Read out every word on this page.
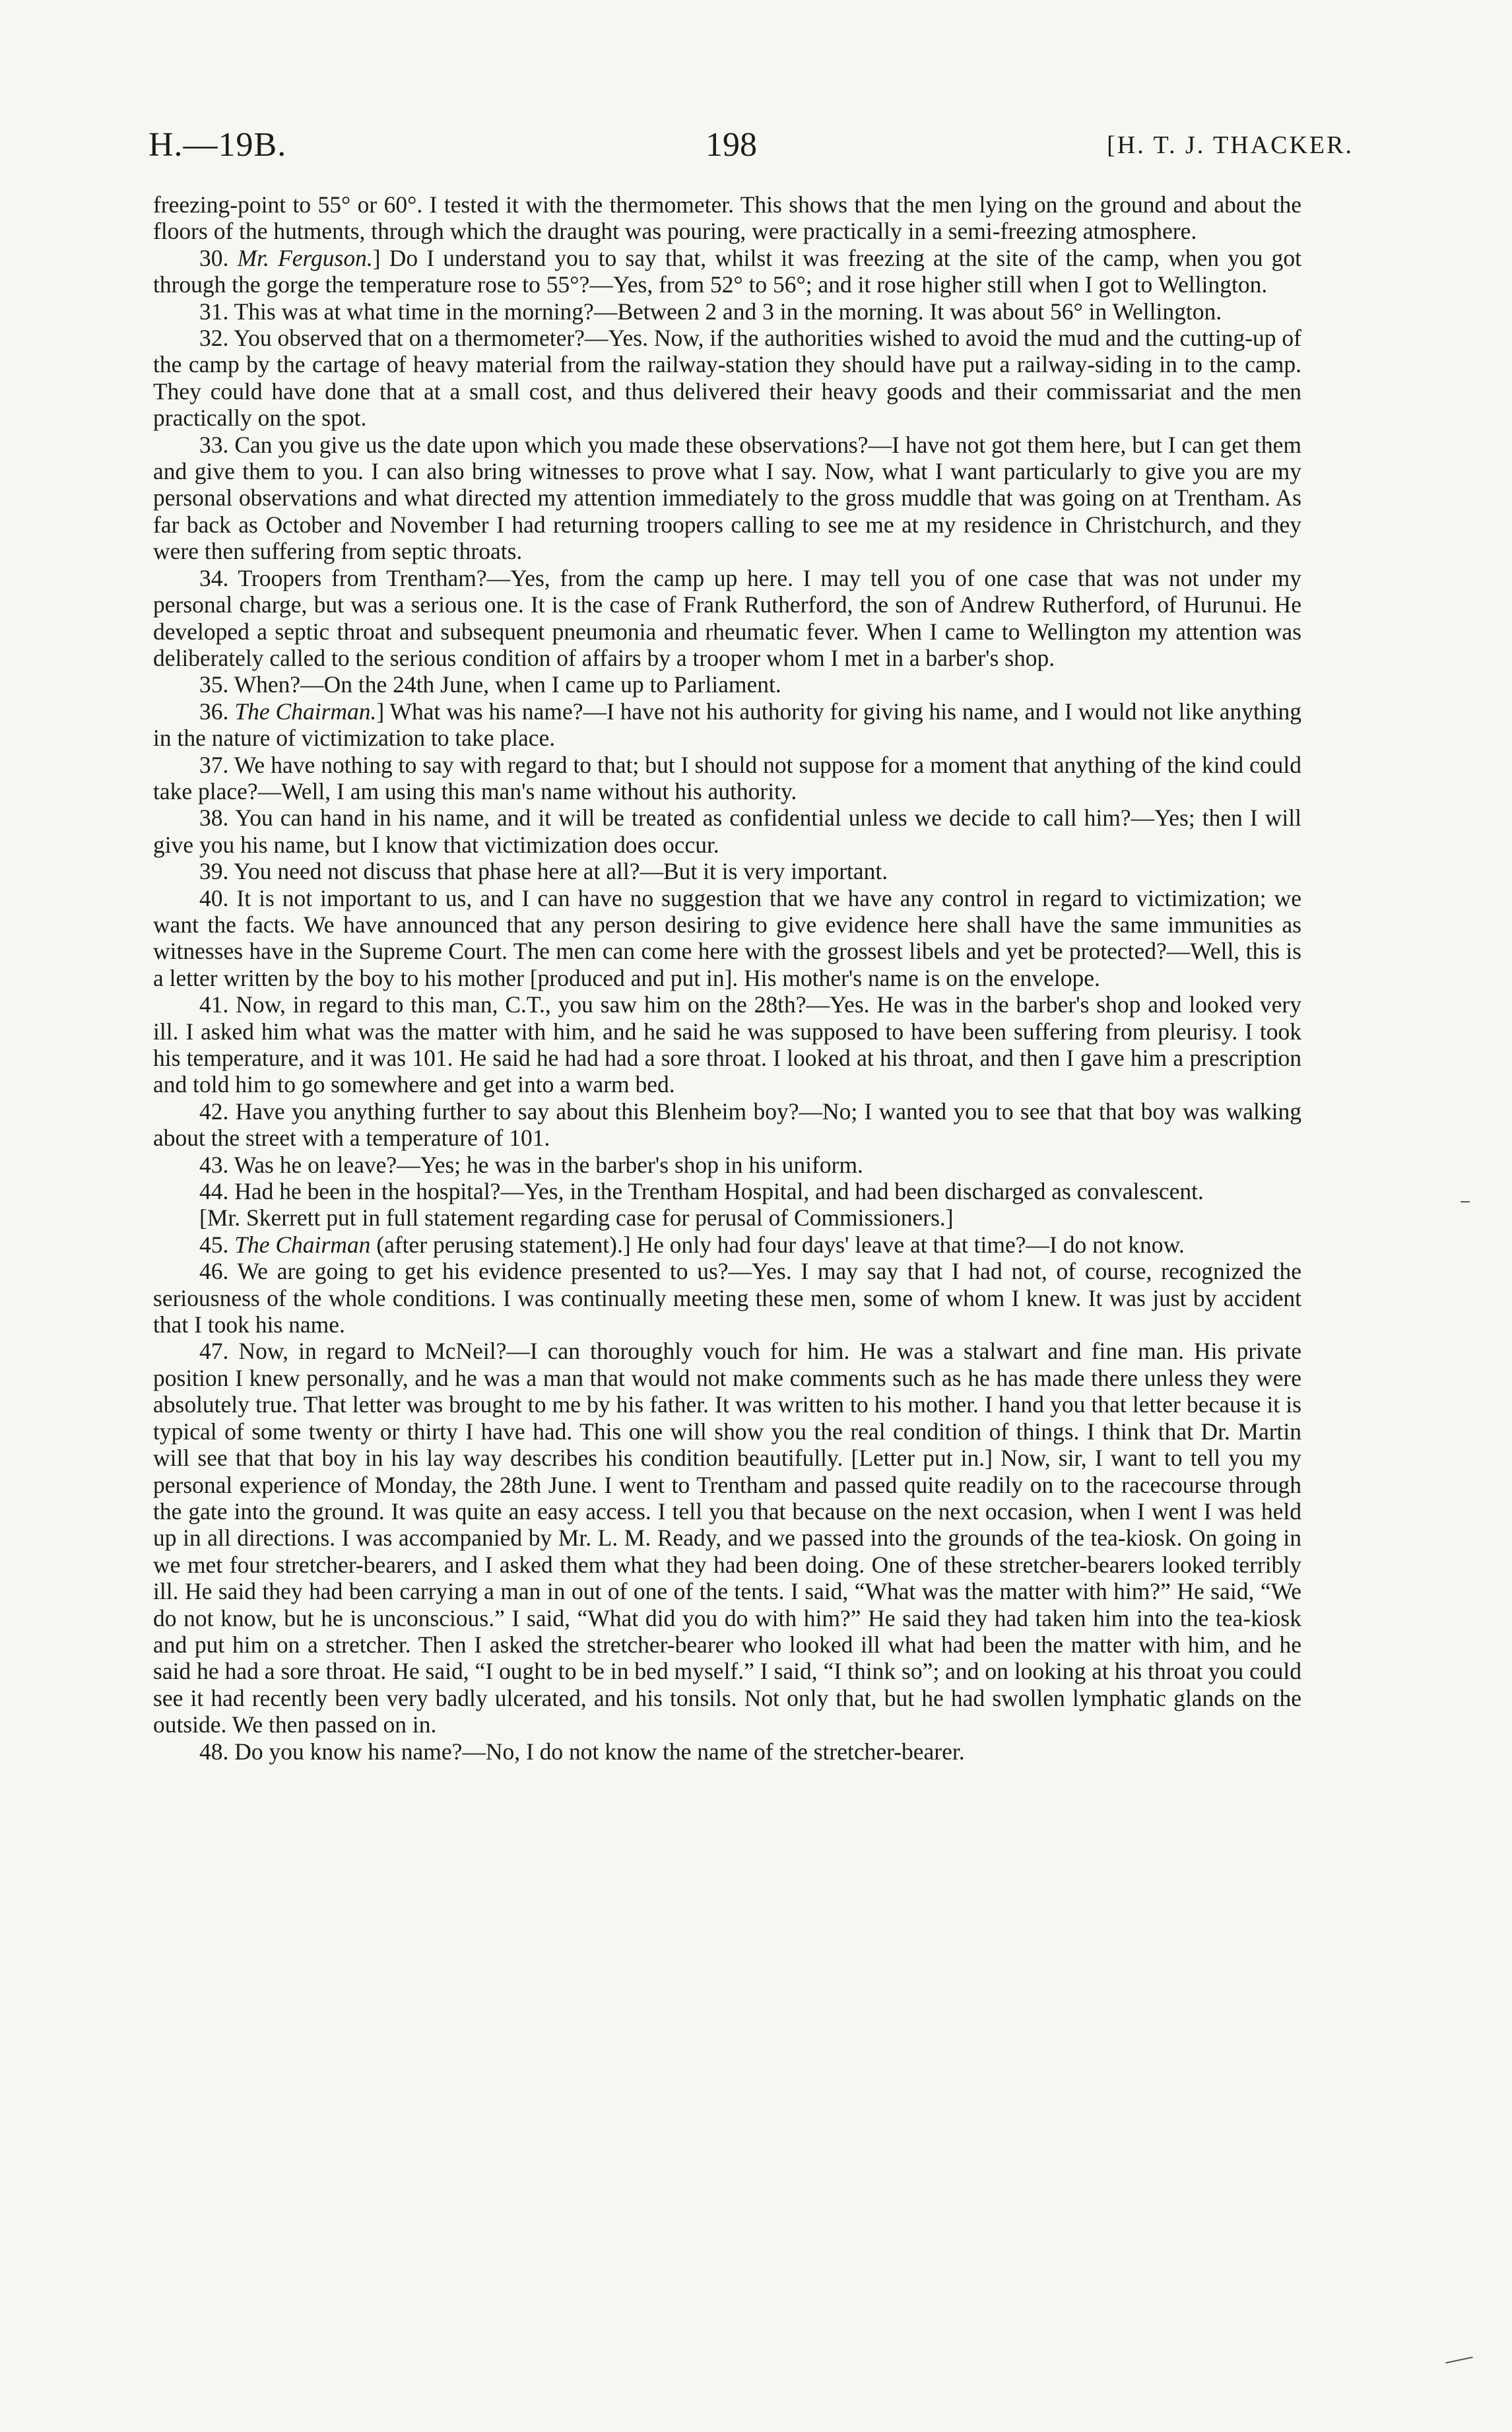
H.—19B.	198	[H. T. J. THACKER.

freezing-point to 55° or 60°. I tested it with the thermometer. This shows that the men lying on the ground and about the floors of the hutments, through which the draught was pouring, were practically in a semi-freezing atmosphere.

30. Mr. Ferguson.] Do I understand you to say that, whilst it was freezing at the site of the camp, when you got through the gorge the temperature rose to 55°?—Yes, from 52° to 56°; and it rose higher still when I got to Wellington.

31. This was at what time in the morning?—Between 2 and 3 in the morning. It was about 56° in Wellington.

32. You observed that on a thermometer?—Yes. Now, if the authorities wished to avoid the mud and the cutting-up of the camp by the cartage of heavy material from the railway-station they should have put a railway-siding in to the camp. They could have done that at a small cost, and thus delivered their heavy goods and their commissariat and the men practically on the spot.

33. Can you give us the date upon which you made these observations?—I have not got them here, but I can get them and give them to you. I can also bring witnesses to prove what I say. Now, what I want particularly to give you are my personal observations and what directed my attention immediately to the gross muddle that was going on at Trentham. As far back as October and November I had returning troopers calling to see me at my residence in Christchurch, and they were then suffering from septic throats.

34. Troopers from Trentham?—Yes, from the camp up here. I may tell you of one case that was not under my personal charge, but was a serious one. It is the case of Frank Rutherford, the son of Andrew Rutherford, of Hurunui. He developed a septic throat and subsequent pneumonia and rheumatic fever. When I came to Wellington my attention was deliberately called to the serious condition of affairs by a trooper whom I met in a barber's shop.

35. When?—On the 24th June, when I came up to Parliament.

36. The Chairman.] What was his name?—I have not his authority for giving his name, and I would not like anything in the nature of victimization to take place.

37. We have nothing to say with regard to that; but I should not suppose for a moment that anything of the kind could take place?—Well, I am using this man's name without his authority.

38. You can hand in his name, and it will be treated as confidential unless we decide to call him?—Yes; then I will give you his name, but I know that victimization does occur.

39. You need not discuss that phase here at all?—But it is very important.

40. It is not important to us, and I can have no suggestion that we have any control in regard to victimization; we want the facts. We have announced that any person desiring to give evidence here shall have the same immunities as witnesses have in the Supreme Court. The men can come here with the grossest libels and yet be protected?—Well, this is a letter written by the boy to his mother [produced and put in]. His mother's name is on the envelope.

41. Now, in regard to this man, C.T., you saw him on the 28th?—Yes. He was in the barber's shop and looked very ill. I asked him what was the matter with him, and he said he was supposed to have been suffering from pleurisy. I took his temperature, and it was 101. He said he had had a sore throat. I looked at his throat, and then I gave him a prescription and told him to go somewhere and get into a warm bed.

42. Have you anything further to say about this Blenheim boy?—No; I wanted you to see that that boy was walking about the street with a temperature of 101.

43. Was he on leave?—Yes; he was in the barber's shop in his uniform.

44. Had he been in the hospital?—Yes, in the Trentham Hospital, and had been discharged as convalescent.

[Mr. Skerrett put in full statement regarding case for perusal of Commissioners.]

45. The Chairman (after perusing statement).] He only had four days' leave at that time?—I do not know.

46. We are going to get his evidence presented to us?—Yes. I may say that I had not, of course, recognized the seriousness of the whole conditions. I was continually meeting these men, some of whom I knew. It was just by accident that I took his name.

47. Now, in regard to McNeil?—I can thoroughly vouch for him. He was a stalwart and fine man. His private position I knew personally, and he was a man that would not make comments such as he has made there unless they were absolutely true. That letter was brought to me by his father. It was written to his mother. I hand you that letter because it is typical of some twenty or thirty I have had. This one will show you the real condition of things. I think that Dr. Martin will see that that boy in his lay way describes his condition beautifully. [Letter put in.] Now, sir, I want to tell you my personal experience of Monday, the 28th June. I went to Trentham and passed quite readily on to the racecourse through the gate into the ground. It was quite an easy access. I tell you that because on the next occasion, when I went I was held up in all directions. I was accompanied by Mr. L. M. Ready, and we passed into the grounds of the tea-kiosk. On going in we met four stretcher-bearers, and I asked them what they had been doing. One of these stretcher-bearers looked terribly ill. He said they had been carrying a man in out of one of the tents. I said, “What was the matter with him?” He said, “We do not know, but he is unconscious.” I said, “What did you do with him?” He said they had taken him into the tea-kiosk and put him on a stretcher. Then I asked the stretcher-bearer who looked ill what had been the matter with him, and he said he had a sore throat. He said, “I ought to be in bed myself.” I said, “I think so”; and on looking at his throat you could see it had recently been very badly ulcerated, and his tonsils. Not only that, but he had swollen lymphatic glands on the outside. We then passed on in.

48. Do you know his name?—No, I do not know the name of the stretcher-bearer.
